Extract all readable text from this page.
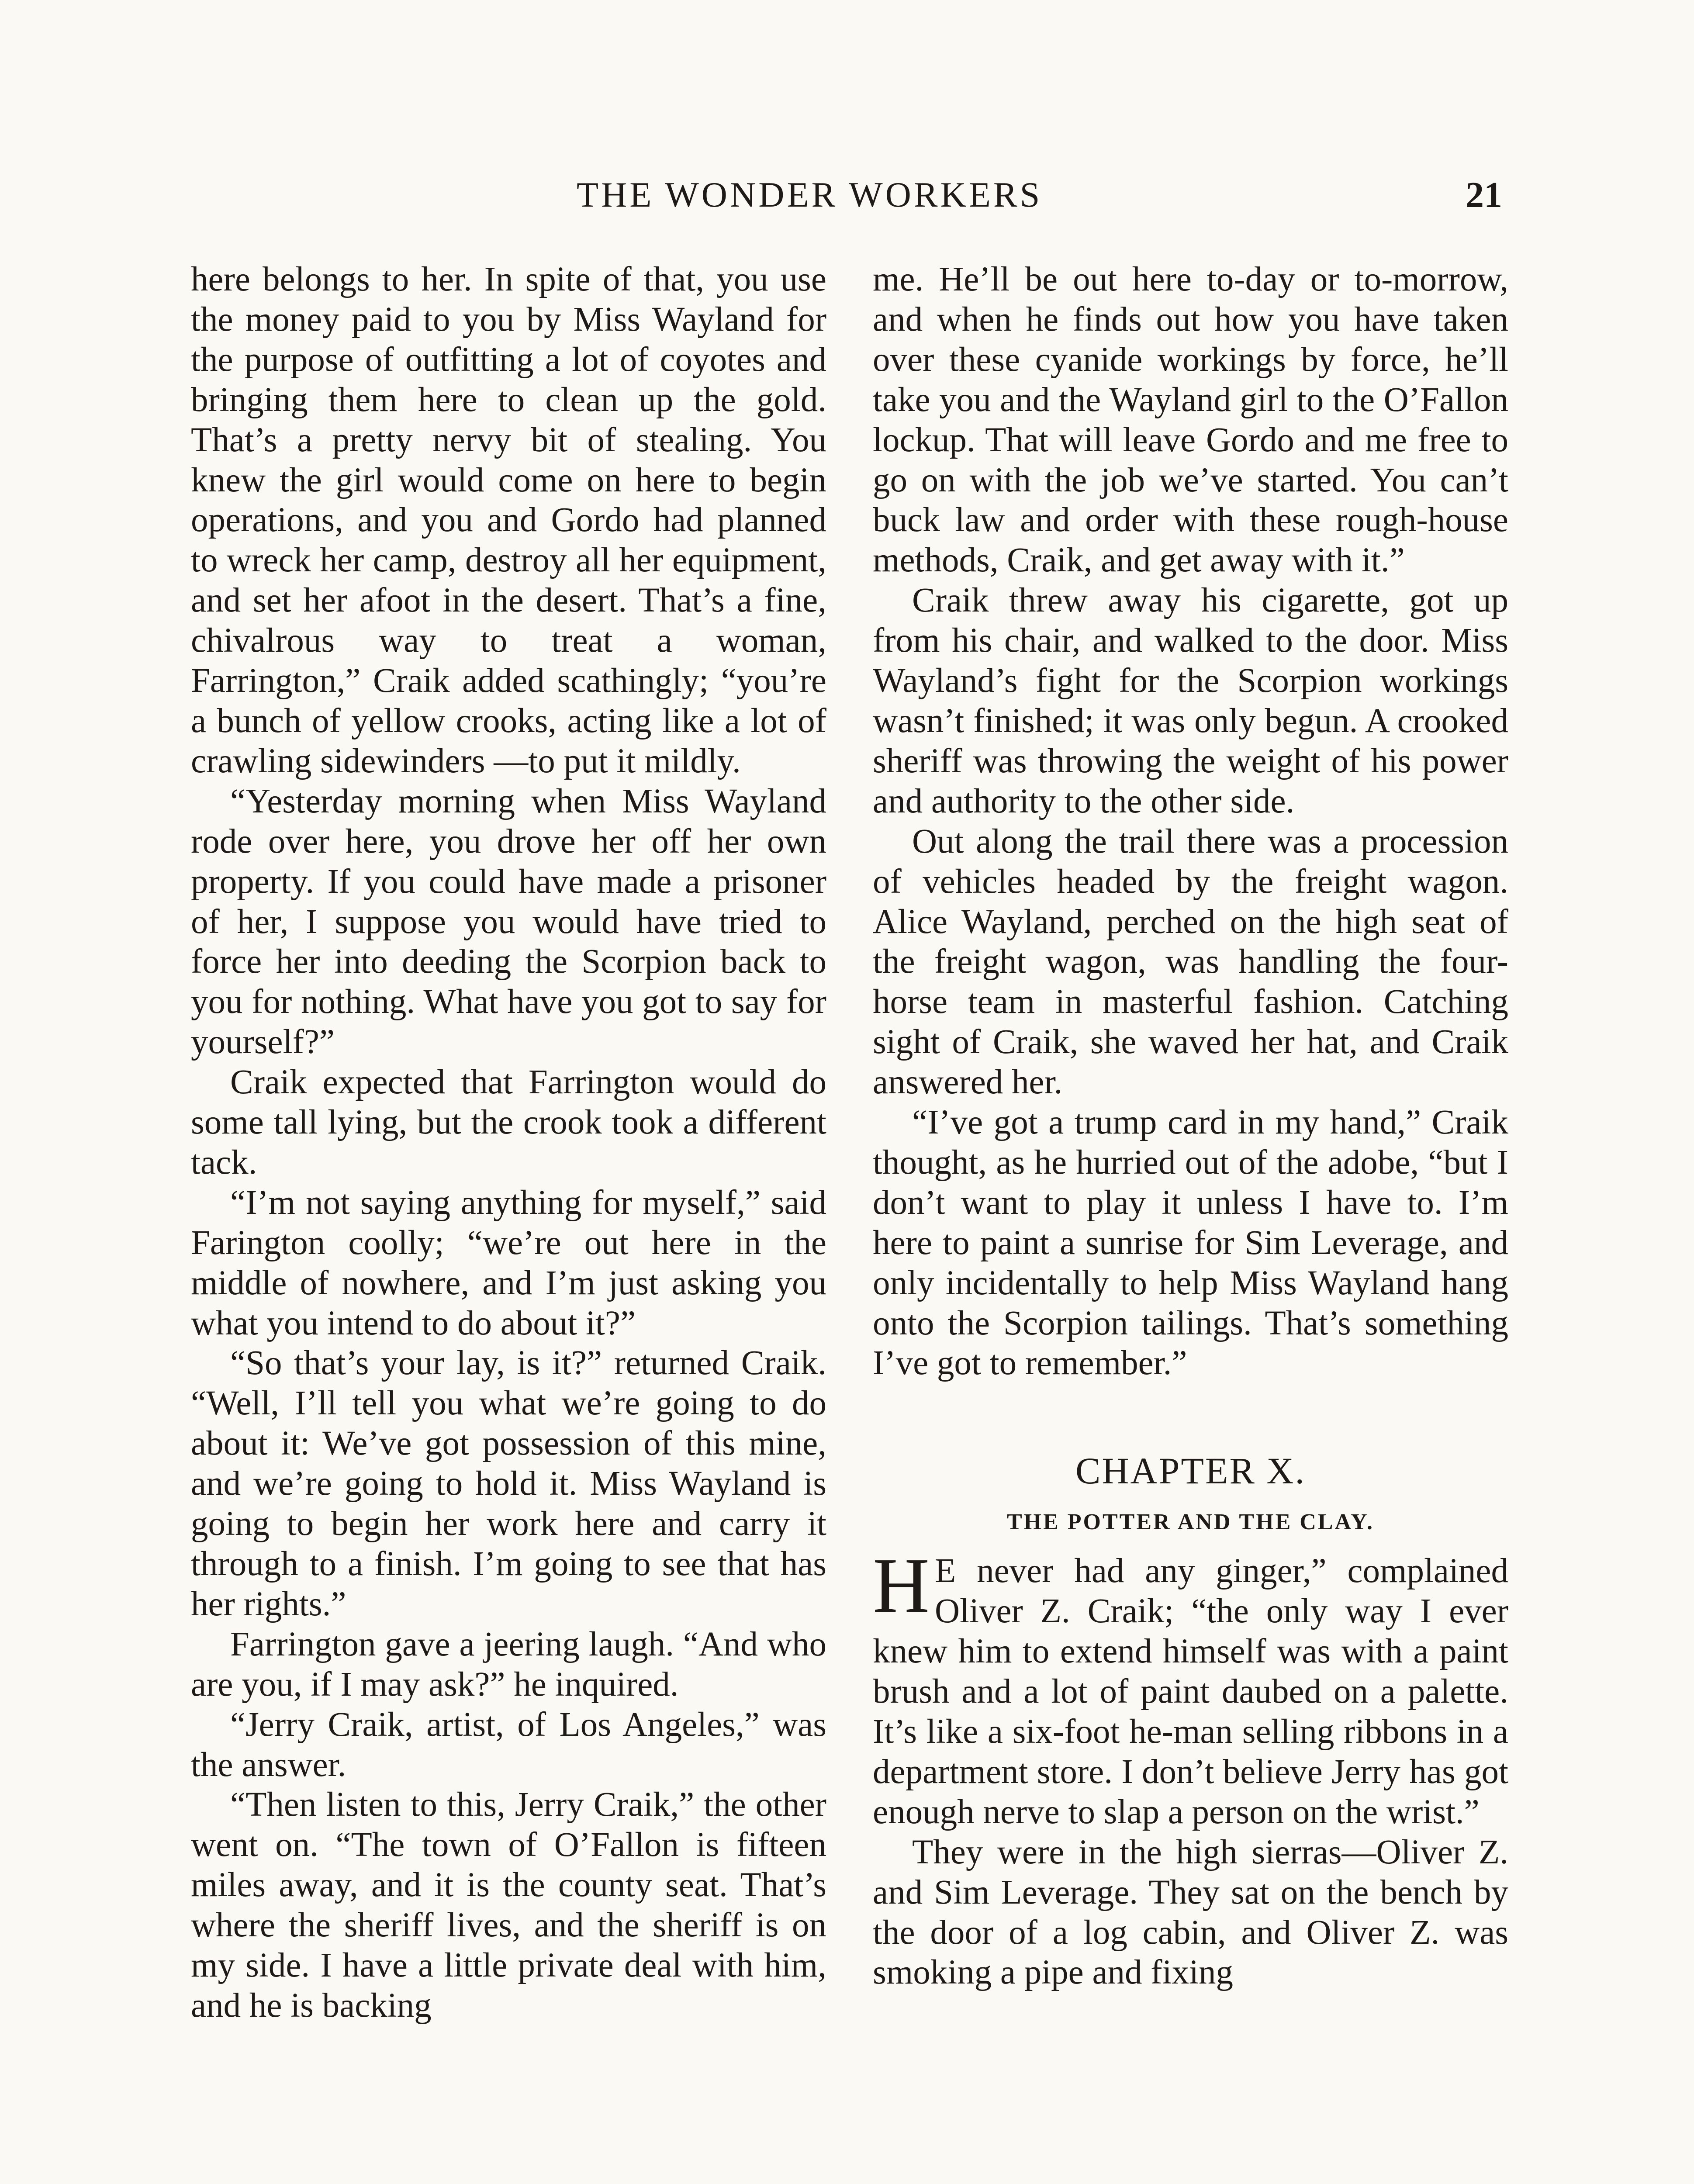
THE WONDER WORKERS	21

here belongs to her. In spite of that, you use the money paid to you by Miss Wayland for the purpose of outfitting a lot of coyotes and bringing them here to clean up the gold. That’s a pretty nervy bit of stealing. You knew the girl would come on here to begin operations, and you and Gordo had planned to wreck her camp, destroy all her equipment, and set her afoot in the desert. That’s a fine, chivalrous way to treat a woman, Farrington,” Craik added scathingly; “you’re a bunch of yellow crooks, acting like a lot of crawling sidewinders —to put it mildly.

“Yesterday morning when Miss Wayland rode over here, you drove her off her own property. If you could have made a prisoner of her, I suppose you would have tried to force her into deeding the Scorpion back to you for nothing. What have you got to say for yourself?”

Craik expected that Farrington would do some tall lying, but the crook took a different tack.

“I’m not saying anything for myself,” said Farington coolly; “we’re out here in the middle of nowhere, and I’m just asking you what you intend to do about it?”

“So that’s your lay, is it?” returned Craik. “Well, I’ll tell you what we’re going to do about it: We’ve got possession of this mine, and we’re going to hold it. Miss Wayland is going to begin her work here and carry it through to a finish. I’m going to see that has her rights.”

Farrington gave a jeering laugh. “And who are you, if I may ask?” he inquired.

“Jerry Craik, artist, of Los Angeles,” was the answer.

“Then listen to this, Jerry Craik,” the other went on. “The town of O’Fallon is fifteen miles away, and it is the county seat. That’s where the sheriff lives, and the sheriff is on my side. I have a little private deal with him, and he is backing

me. He’ll be out here to-day or to-morrow, and when he finds out how you have taken over these cyanide workings by force, he’ll take you and the Wayland girl to the O’Fallon lockup. That will leave Gordo and me free to go on with the job we’ve started. You can’t buck law and order with these rough-house methods, Craik, and get away with it.”

Craik threw away his cigarette, got up from his chair, and walked to the door. Miss Wayland’s fight for the Scorpion workings wasn’t finished; it was only begun. A crooked sheriff was throwing the weight of his power and authority to the other side.

Out along the trail there was a procession of vehicles headed by the freight wagon. Alice Wayland, perched on the high seat of the freight wagon, was handling the four-horse team in masterful fashion. Catching sight of Craik, she waved her hat, and Craik answered her.

“I’ve got a trump card in my hand,” Craik thought, as he hurried out of the adobe, “but I don’t want to play it unless I have to. I’m here to paint a sunrise for Sim Leverage, and only incidentally to help Miss Wayland hang onto the Scorpion tailings. That’s something I’ve got to remember.”

CHAPTER X.
THE POTTER AND THE CLAY.

H E never had any ginger,” complained Oliver Z. Craik; “the only way I ever knew him to extend himself was with a paint brush and a lot of paint daubed on a palette. It’s like a six-foot he-man selling ribbons in a department store. I don’t believe Jerry has got enough nerve to slap a person on the wrist.”

They were in the high sierras—Oliver Z. and Sim Leverage. They sat on the bench by the door of a log cabin, and Oliver Z. was smoking a pipe and fixing
